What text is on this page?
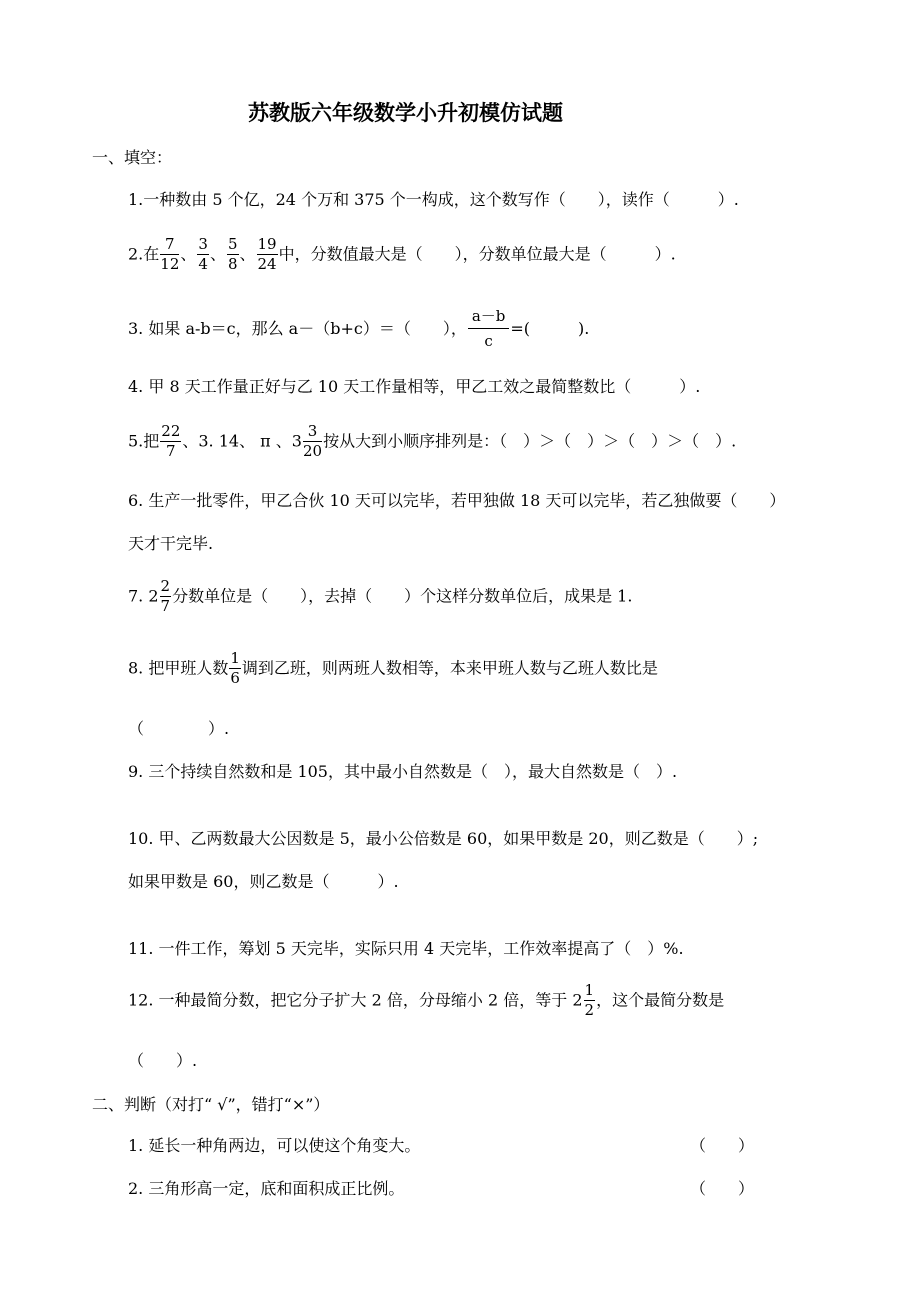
苏教版六年级数学小升初模仿试题
一、填空：
1.一种数由 5 个亿，24 个万和 375 个一构成，这个数写作（　　），读作（　　　）.
2.在 $\frac{7}{12}$ 、 $\frac{3}{4}$ 、 $\frac{5}{8}$ 、 $\frac{19}{24}$ 中，分数值最大是（　　），分数单位最大是（　　　）.
3. 如果 a-b＝c，那么 a－（b+c）＝（　　）， $\frac{a-b}{c}$ =(　　　).
4. 甲 8 天工作量正好与乙 10 天工作量相等，甲乙工效之最简整数比（　　　）.
5.把 $\frac{22}{7}$ 、3. 14、 π 、$3 \frac{3}{20}$ 按从大到小顺序排列是：（　）＞（　）＞（　）＞（　）.
6. 生产一批零件，甲乙合伙 10 天可以完毕，若甲独做 18 天可以完毕，若乙独做要（　　）
天才干完毕.
7. $2 \frac{2}{7}$ 分数单位是（　　），去掉（　　）个这样分数单位后，成果是 1.
8. 把甲班人数 $\frac{1}{6}$ 调到乙班，则两班人数相等，本来甲班人数与乙班人数比是
（　　　　）.
9. 三个持续自然数和是 105，其中最小自然数是（　），最大自然数是（　）.
10. 甲、乙两数最大公因数是 5，最小公倍数是 60，如果甲数是 20，则乙数是（　　）;
如果甲数是 60，则乙数是（　　　）.
11. 一件工作，筹划 5 天完毕，实际只用 4 天完毕，工作效率提高了（　）%.
12. 一种最简分数，把它分子扩大 2 倍，分母缩小 2 倍，等于 $2 \frac{1}{2}$ ，这个最简分数是
（　　）.
二、判断（对打“ √”，错打“×”）
1. 延长一种角两边，可以使这个角变大。	（　　）
2. 三角形高一定，底和面积成正比例。	（　　）
